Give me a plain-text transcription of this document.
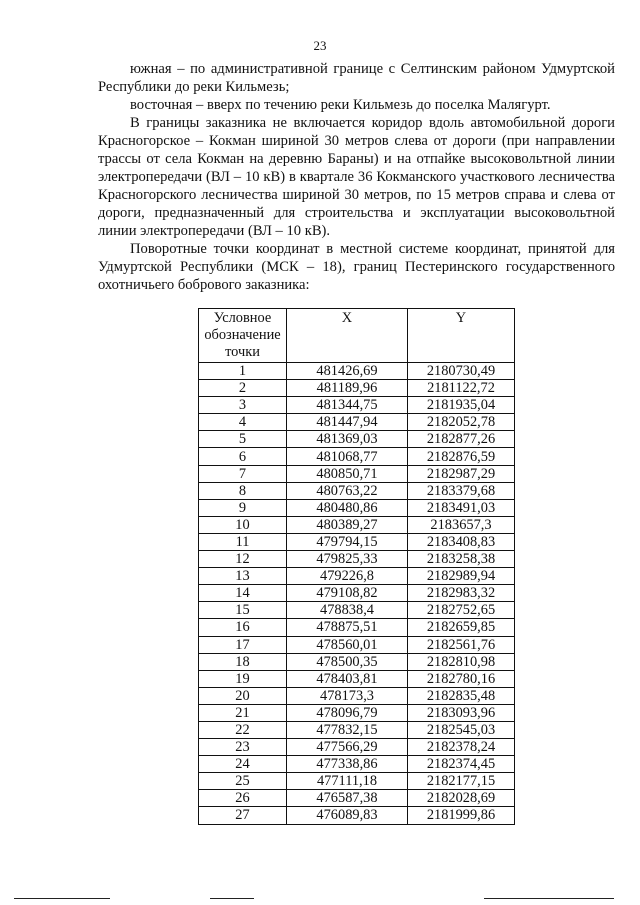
23

южная – по административной границе с Селтинским районом Удмуртской Республики до реки Кильмезь;

восточная – вверх по течению реки Кильмезь до поселка Малягурт.

В границы заказника не включается коридор вдоль автомобильной дороги Красногорское – Кокман шириной 30 метров слева от дороги (при направлении трассы от села Кокман на деревню Бараны) и на отпайке высоковольтной линии электропередачи (ВЛ – 10 кВ) в квартале 36 Кокманского участкового лесничества Красногорского лесничества шириной 30 метров, по 15 метров справа и слева от дороги, предназначенный для строительства и эксплуатации высоковольтной линии электропередачи (ВЛ – 10 кВ).

Поворотные точки координат в местной системе координат, принятой для Удмуртской Республики (МСК – 18), границ Пестеринского государственного охотничьего бобрового заказника:

Условное обозначение точки	X	Y
1	481426,69	2180730,49
2	481189,96	2181122,72
3	481344,75	2181935,04
4	481447,94	2182052,78
5	481369,03	2182877,26
6	481068,77	2182876,59
7	480850,71	2182987,29
8	480763,22	2183379,68
9	480480,86	2183491,03
10	480389,27	2183657,3
11	479794,15	2183408,83
12	479825,33	2183258,38
13	479226,8	2182989,94
14	479108,82	2182983,32
15	478838,4	2182752,65
16	478875,51	2182659,85
17	478560,01	2182561,76
18	478500,35	2182810,98
19	478403,81	2182780,16
20	478173,3	2182835,48
21	478096,79	2183093,96
22	477832,15	2182545,03
23	477566,29	2182378,24
24	477338,86	2182374,45
25	477111,18	2182177,15
26	476587,38	2182028,69
27	476089,83	2181999,86
